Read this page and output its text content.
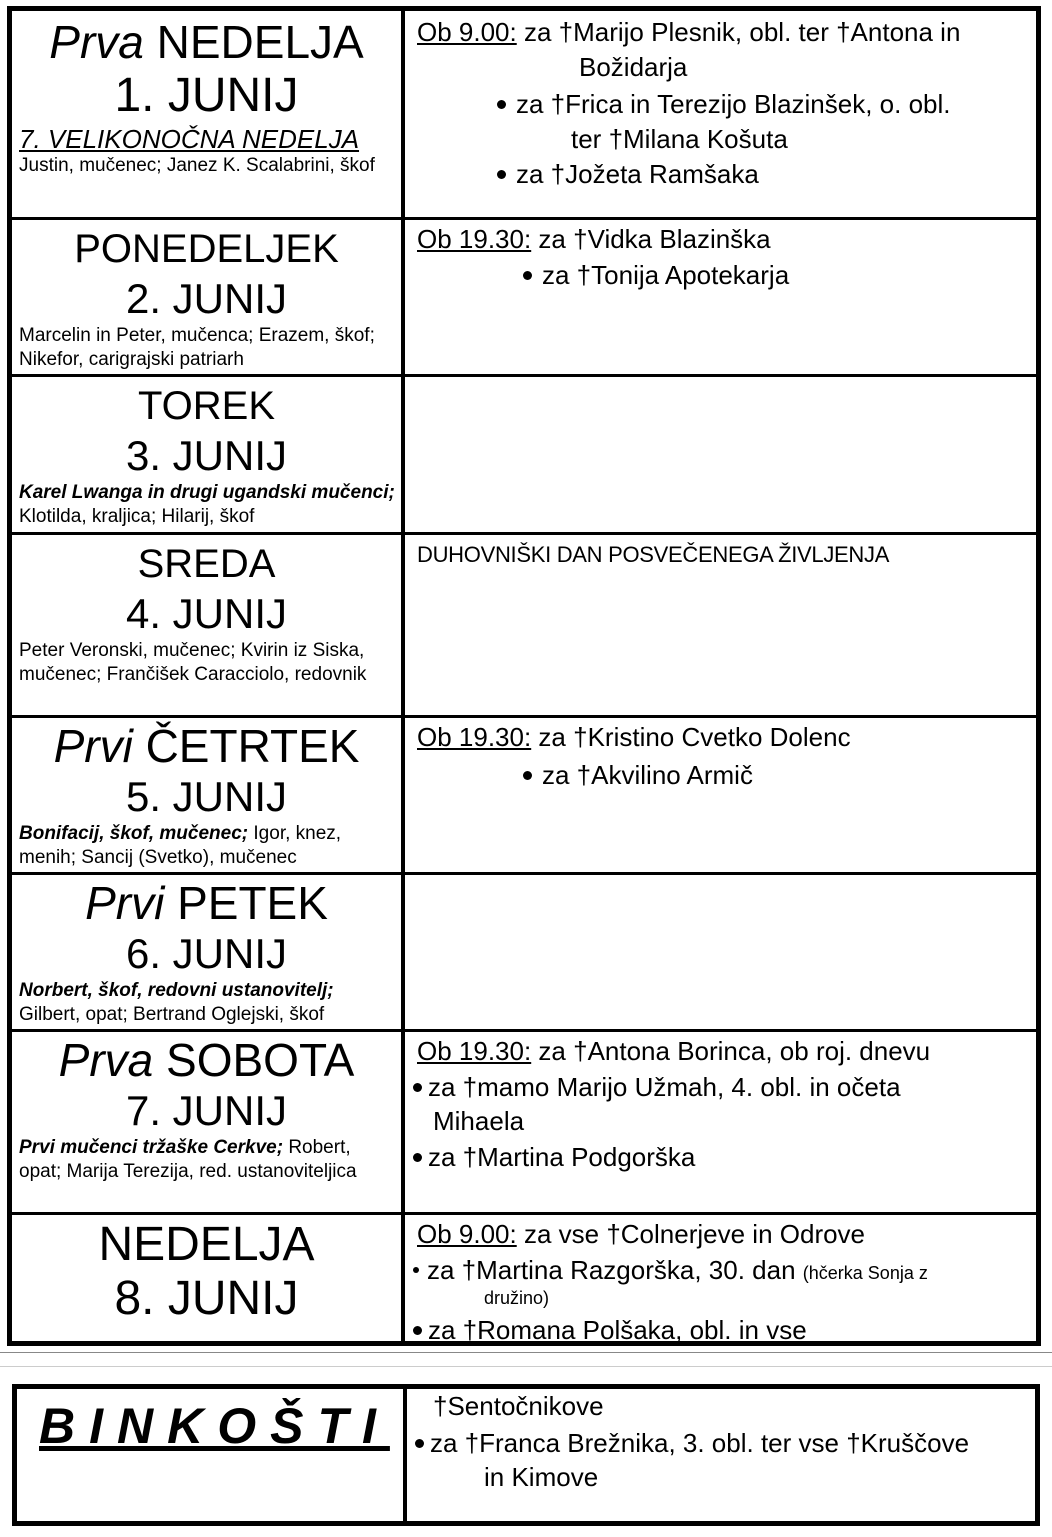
Prva NEDELJA
1. JUNIJ
7. VELIKONOČNA NEDELJA
Justin, mučenec; Janez K. Scalabrini, škof
Ob 9.00: za †Marijo Plesnik, obl. ter †Antona in
Božidarja
za †Frica in Terezijo Blazinšek, o. obl.
ter †Milana Košuta
za †Jožeta Ramšaka
PONEDELJEK
2. JUNIJ
Marcelin in Peter, mučenca; Erazem, škof; Nikefor, carigrajski patriarh
Ob 19.30: za †Vidka Blazinška
za †Tonija Apotekarja
TOREK
3. JUNIJ
Karel Lwanga in drugi ugandski mučenci; Klotilda, kraljica; Hilarij, škof
SREDA
4. JUNIJ
Peter Veronski, mučenec; Kvirin iz Siska, mučenec; Frančišek Caracciolo, redovnik
DUHOVNIŠKI DAN POSVEČENEGA ŽIVLJENJA
Prvi ČETRTEK
5. JUNIJ
Bonifacij, škof, mučenec; Igor, knez, menih; Sancij (Svetko), mučenec
Ob 19.30: za †Kristino Cvetko Dolenc
za †Akvilino Armič
Prvi PETEK
6. JUNIJ
Norbert, škof, redovni ustanovitelj; Gilbert, opat; Bertrand Oglejski, škof
Prva SOBOTA
7. JUNIJ
Prvi mučenci tržaške Cerkve; Robert, opat; Marija Terezija, red. ustanoviteljica
Ob 19.30: za †Antona Borinca, ob roj. dnevu
za †mamo Marijo Užmah, 4. obl. in očeta
Mihaela
za †Martina Podgorška
NEDELJA
8. JUNIJ
Ob 9.00: za vse †Colnerjeve in Odrove
za †Martina Razgorška, 30. dan (hčerka Sonja z
družino)
za †Romana Polšaka, obl. in vse
BINKOŠTI †Sentočnikove
za †Franca Brežnika, 3. obl. ter vse †Kruščove
in Kimove
